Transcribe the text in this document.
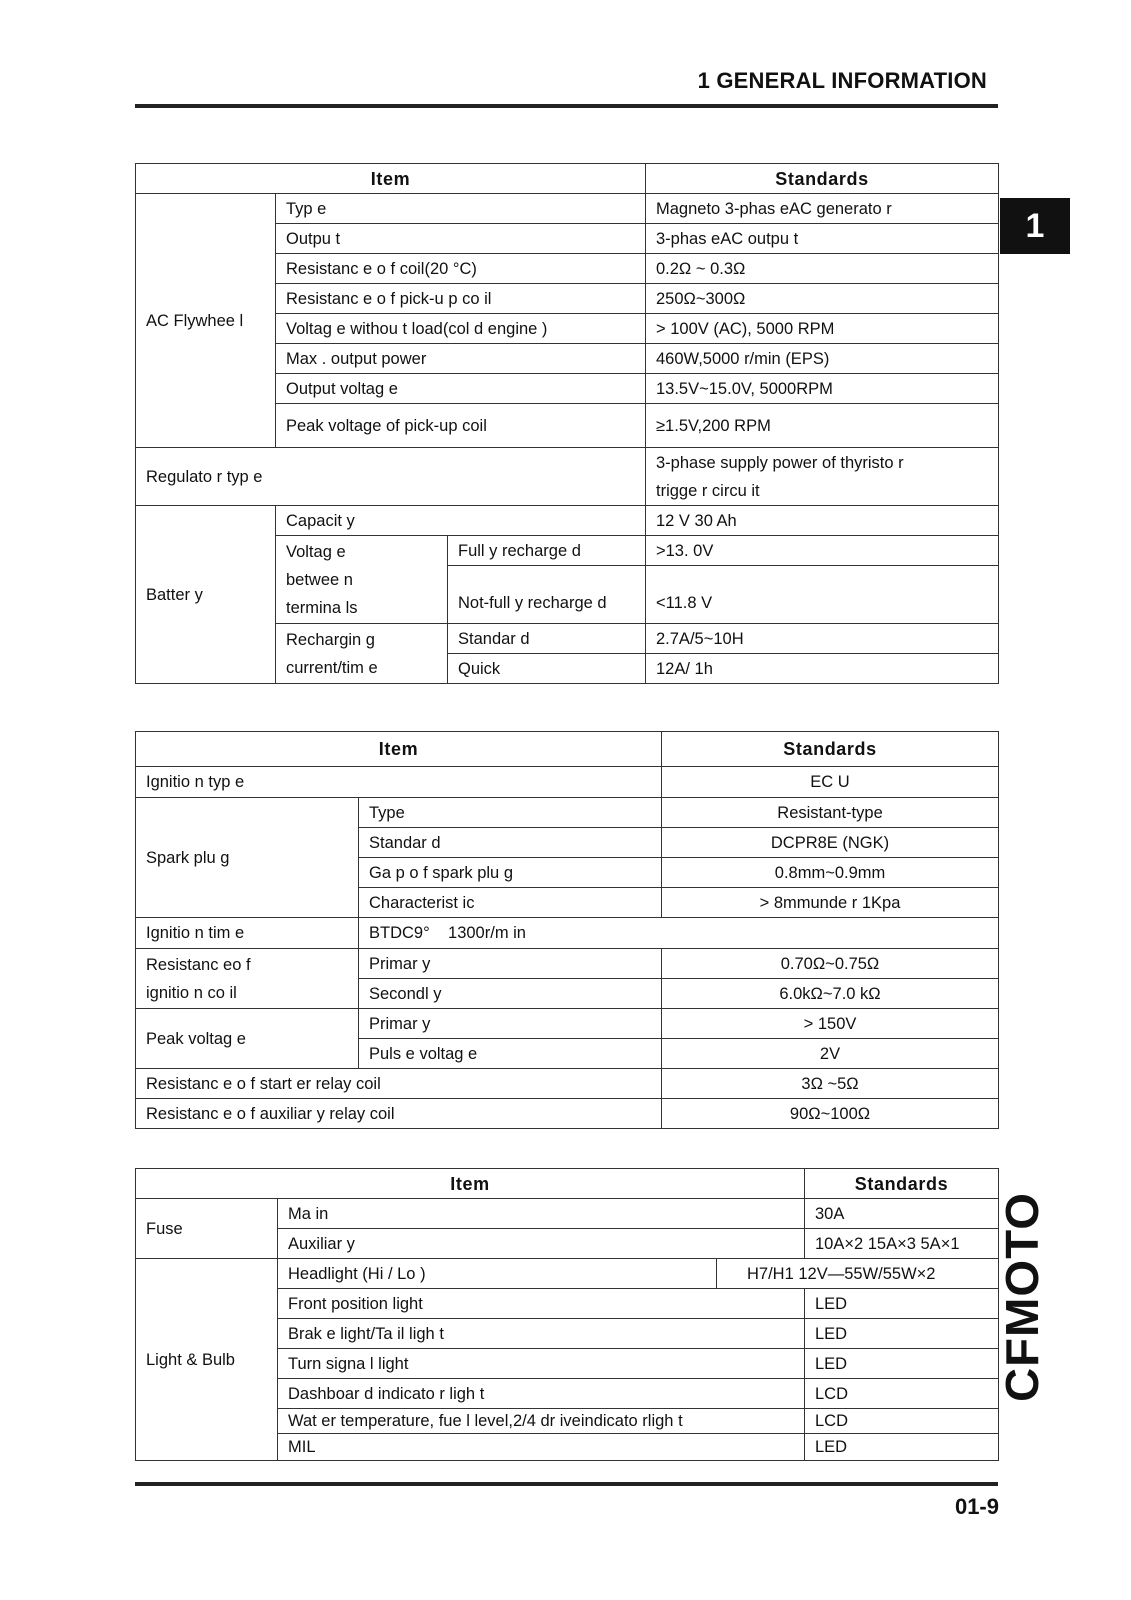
1 GENERAL INFORMATION
1
Item			Standards
AC Flywhee l	Typ e		Magneto 3-phas eAC generato r
	Outpu t		3-phas eAC outpu t
	Resistanc e o f coil(20 °C)		0.2Ω ~ 0.3Ω
	Resistanc e o f pick-u p co il		250Ω~300Ω
	Voltag e withou t load(col d engine )		> 100V (AC), 5000 RPM
	Max . output power		460W,5000 r/min (EPS)
	Output voltag e		13.5V~15.0V, 5000RPM
	Peak voltage of pick-up coil		≥1.5V,200 RPM
Regulato r typ e			3-phase supply power of thyristo r
trigge r circu it

Batter y	Capacit y		12 V 30 Ah

	Voltag e
betwee n
termina ls	Full y recharge d	>13. 0V
		Not-full y recharge d	<11.8 V

	Rechargin g
current/tim e	Standar d	2.7A/5~10H
		Quick	12A/ 1h
Item		Standards
Ignitio n typ e		EC U
Spark plu g	Type	Resistant-type
	Standar d	DCPR8E (NGK)
	Ga p o f spark plu g	0.8mm~0.9mm
	Characterist ic	> 8mmunde r 1Kpa
Ignitio n tim e	BTDC9°    1300r/m in	

Resistanc eo f
ignitio n co il	Primar y	0.70Ω~0.75Ω
	Secondl y	6.0kΩ~7.0 kΩ
Peak voltag e	Primar y	> 150V
	Puls e voltag e	2V
Resistanc e o f start er relay coil		3Ω ~5Ω
Resistanc e o f auxiliar y relay coil		90Ω~100Ω
Item			Standards
Fuse	Ma in		30A
	Auxiliar y		10A×2 15A×3 5A×1
Light & Bulb	Headlight (Hi / Lo )	H7/H1 12V—55W/55W×2	
	Front position light		LED
	Brak e light/Ta il ligh t		LED
	Turn signa l light		LED
	Dashboar d indicato r ligh t		LCD
	Wat er temperature, fue l level,2/4 dr iveindicato rligh t		LCD
	MIL		LED
CFMOTO
01-9
